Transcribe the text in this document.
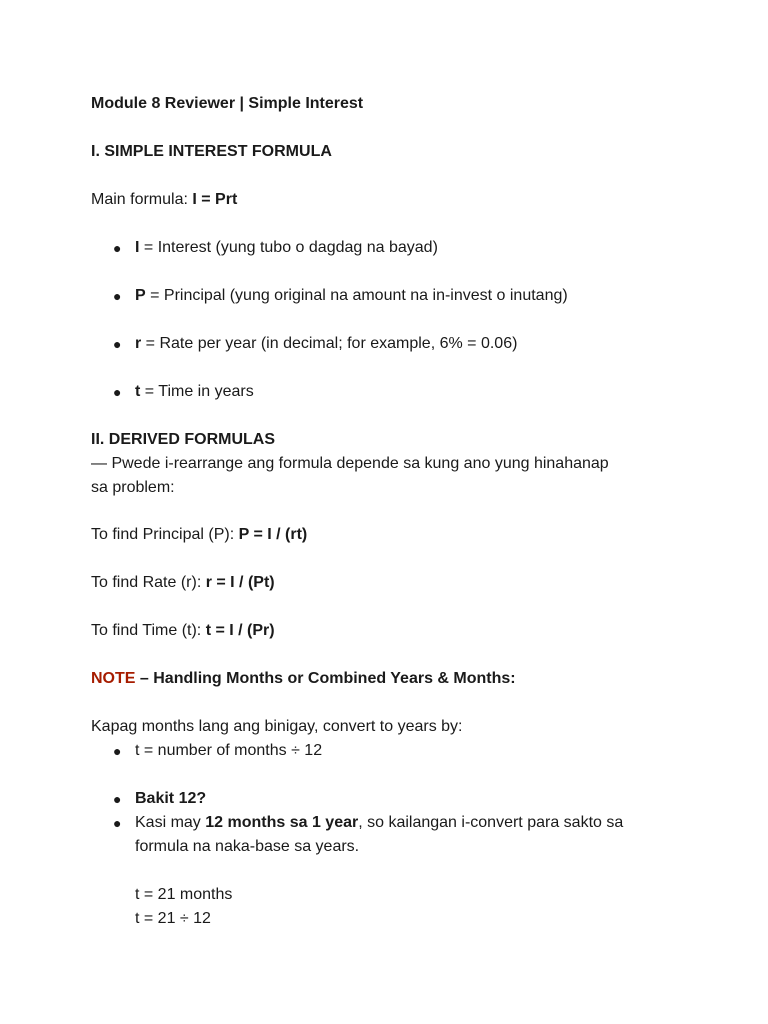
Module 8 Reviewer | Simple Interest
I. SIMPLE INTEREST FORMULA
Main formula: I = Prt
● I = Interest (yung tubo o dagdag na bayad)
● P = Principal (yung original na amount na in-invest o inutang)
● r = Rate per year (in decimal; for example, 6% = 0.06)
● t = Time in years
II. DERIVED FORMULAS
— Pwede i-rearrange ang formula depende sa kung ano yung hinahanap
sa problem:
To find Principal (P): P = I / (rt)
To find Rate (r): r = I / (Pt)
To find Time (t): t = I / (Pr)
NOTE – Handling Months or Combined Years & Months:
Kapag months lang ang binigay, convert to years by:
● t = number of months ÷ 12
● Bakit 12?
● Kasi may 12 months sa 1 year, so kailangan i-convert para sakto sa
formula na naka-base sa years.
t = 21 months
t = 21 ÷ 12
